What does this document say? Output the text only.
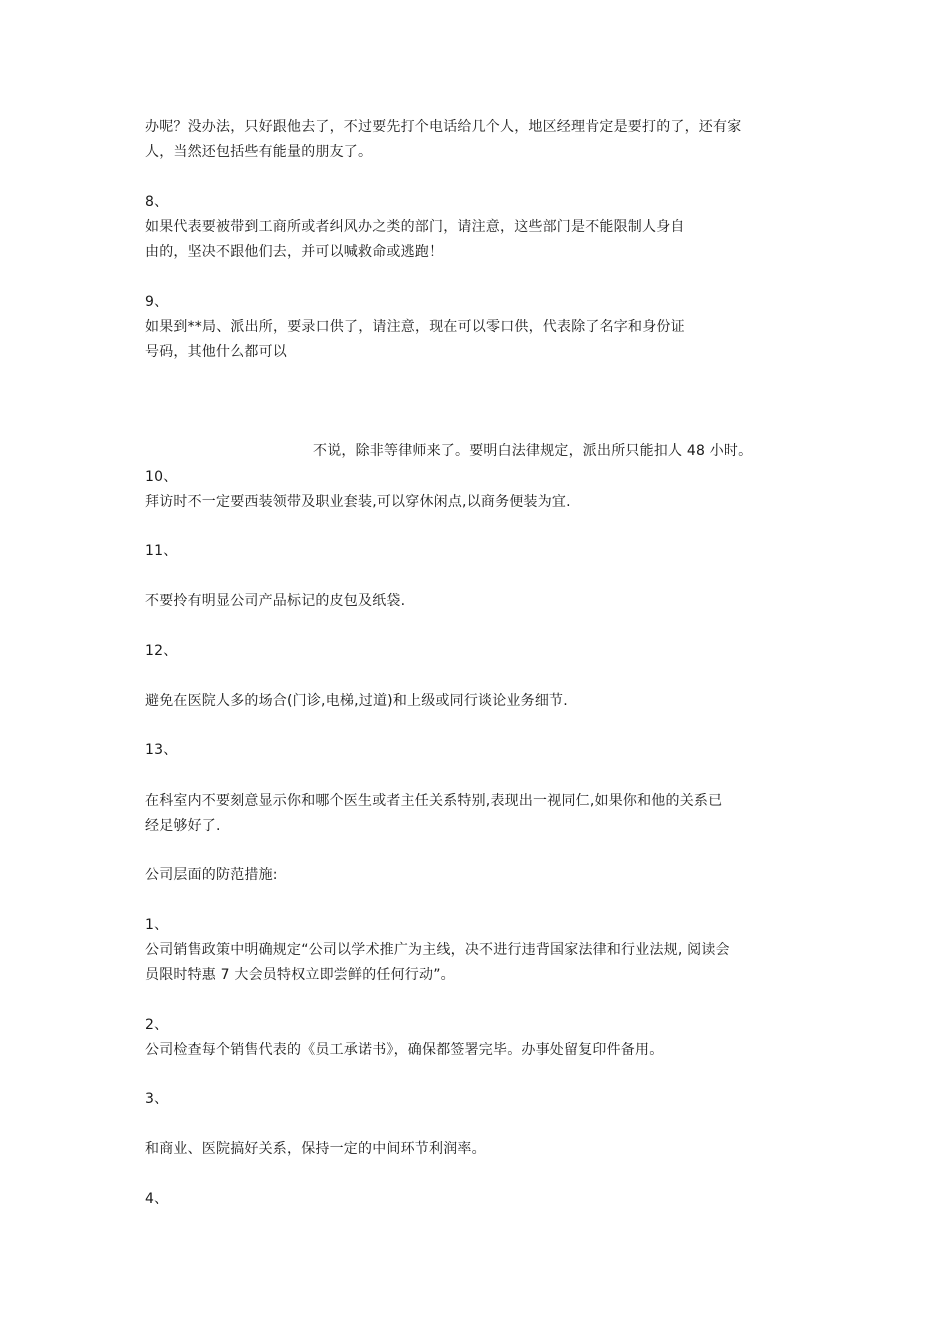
办呢？没办法，只好跟他去了，不过要先打个电话给几个人，地区经理肯定是要打的了，还有家
人，当然还包括些有能量的朋友了。
8、
如果代表要被带到工商所或者纠风办之类的部门，请注意，这些部门是不能限制人身自
由的，坚决不跟他们去，并可以喊救命或逃跑！
9、
如果到**局、派出所，要录口供了，请注意，现在可以零口供，代表除了名字和身份证
号码，其他什么都可以
不说，除非等律师来了。要明白法律规定，派出所只能扣人 48 小时。
10、
拜访时不一定要西装领带及职业套装,可以穿休闲点,以商务便装为宜.
11、
不要拎有明显公司产品标记的皮包及纸袋.
12、
避免在医院人多的场合(门诊,电梯,过道)和上级或同行谈论业务细节.
13、
在科室内不要刻意显示你和哪个医生或者主任关系特别,表现出一视同仁,如果你和他的关系已
经足够好了.
公司层面的防范措施:
1、
公司销售政策中明确规定“公司以学术推广为主线，决不进行违背国家法律和行业法规, 阅读会
员限时特惠 7 大会员特权立即尝鲜的任何行动”。
2、
公司检查每个销售代表的《员工承诺书》，确保都签署完毕。办事处留复印件备用。
3、
和商业、医院搞好关系，保持一定的中间环节利润率。
4、
